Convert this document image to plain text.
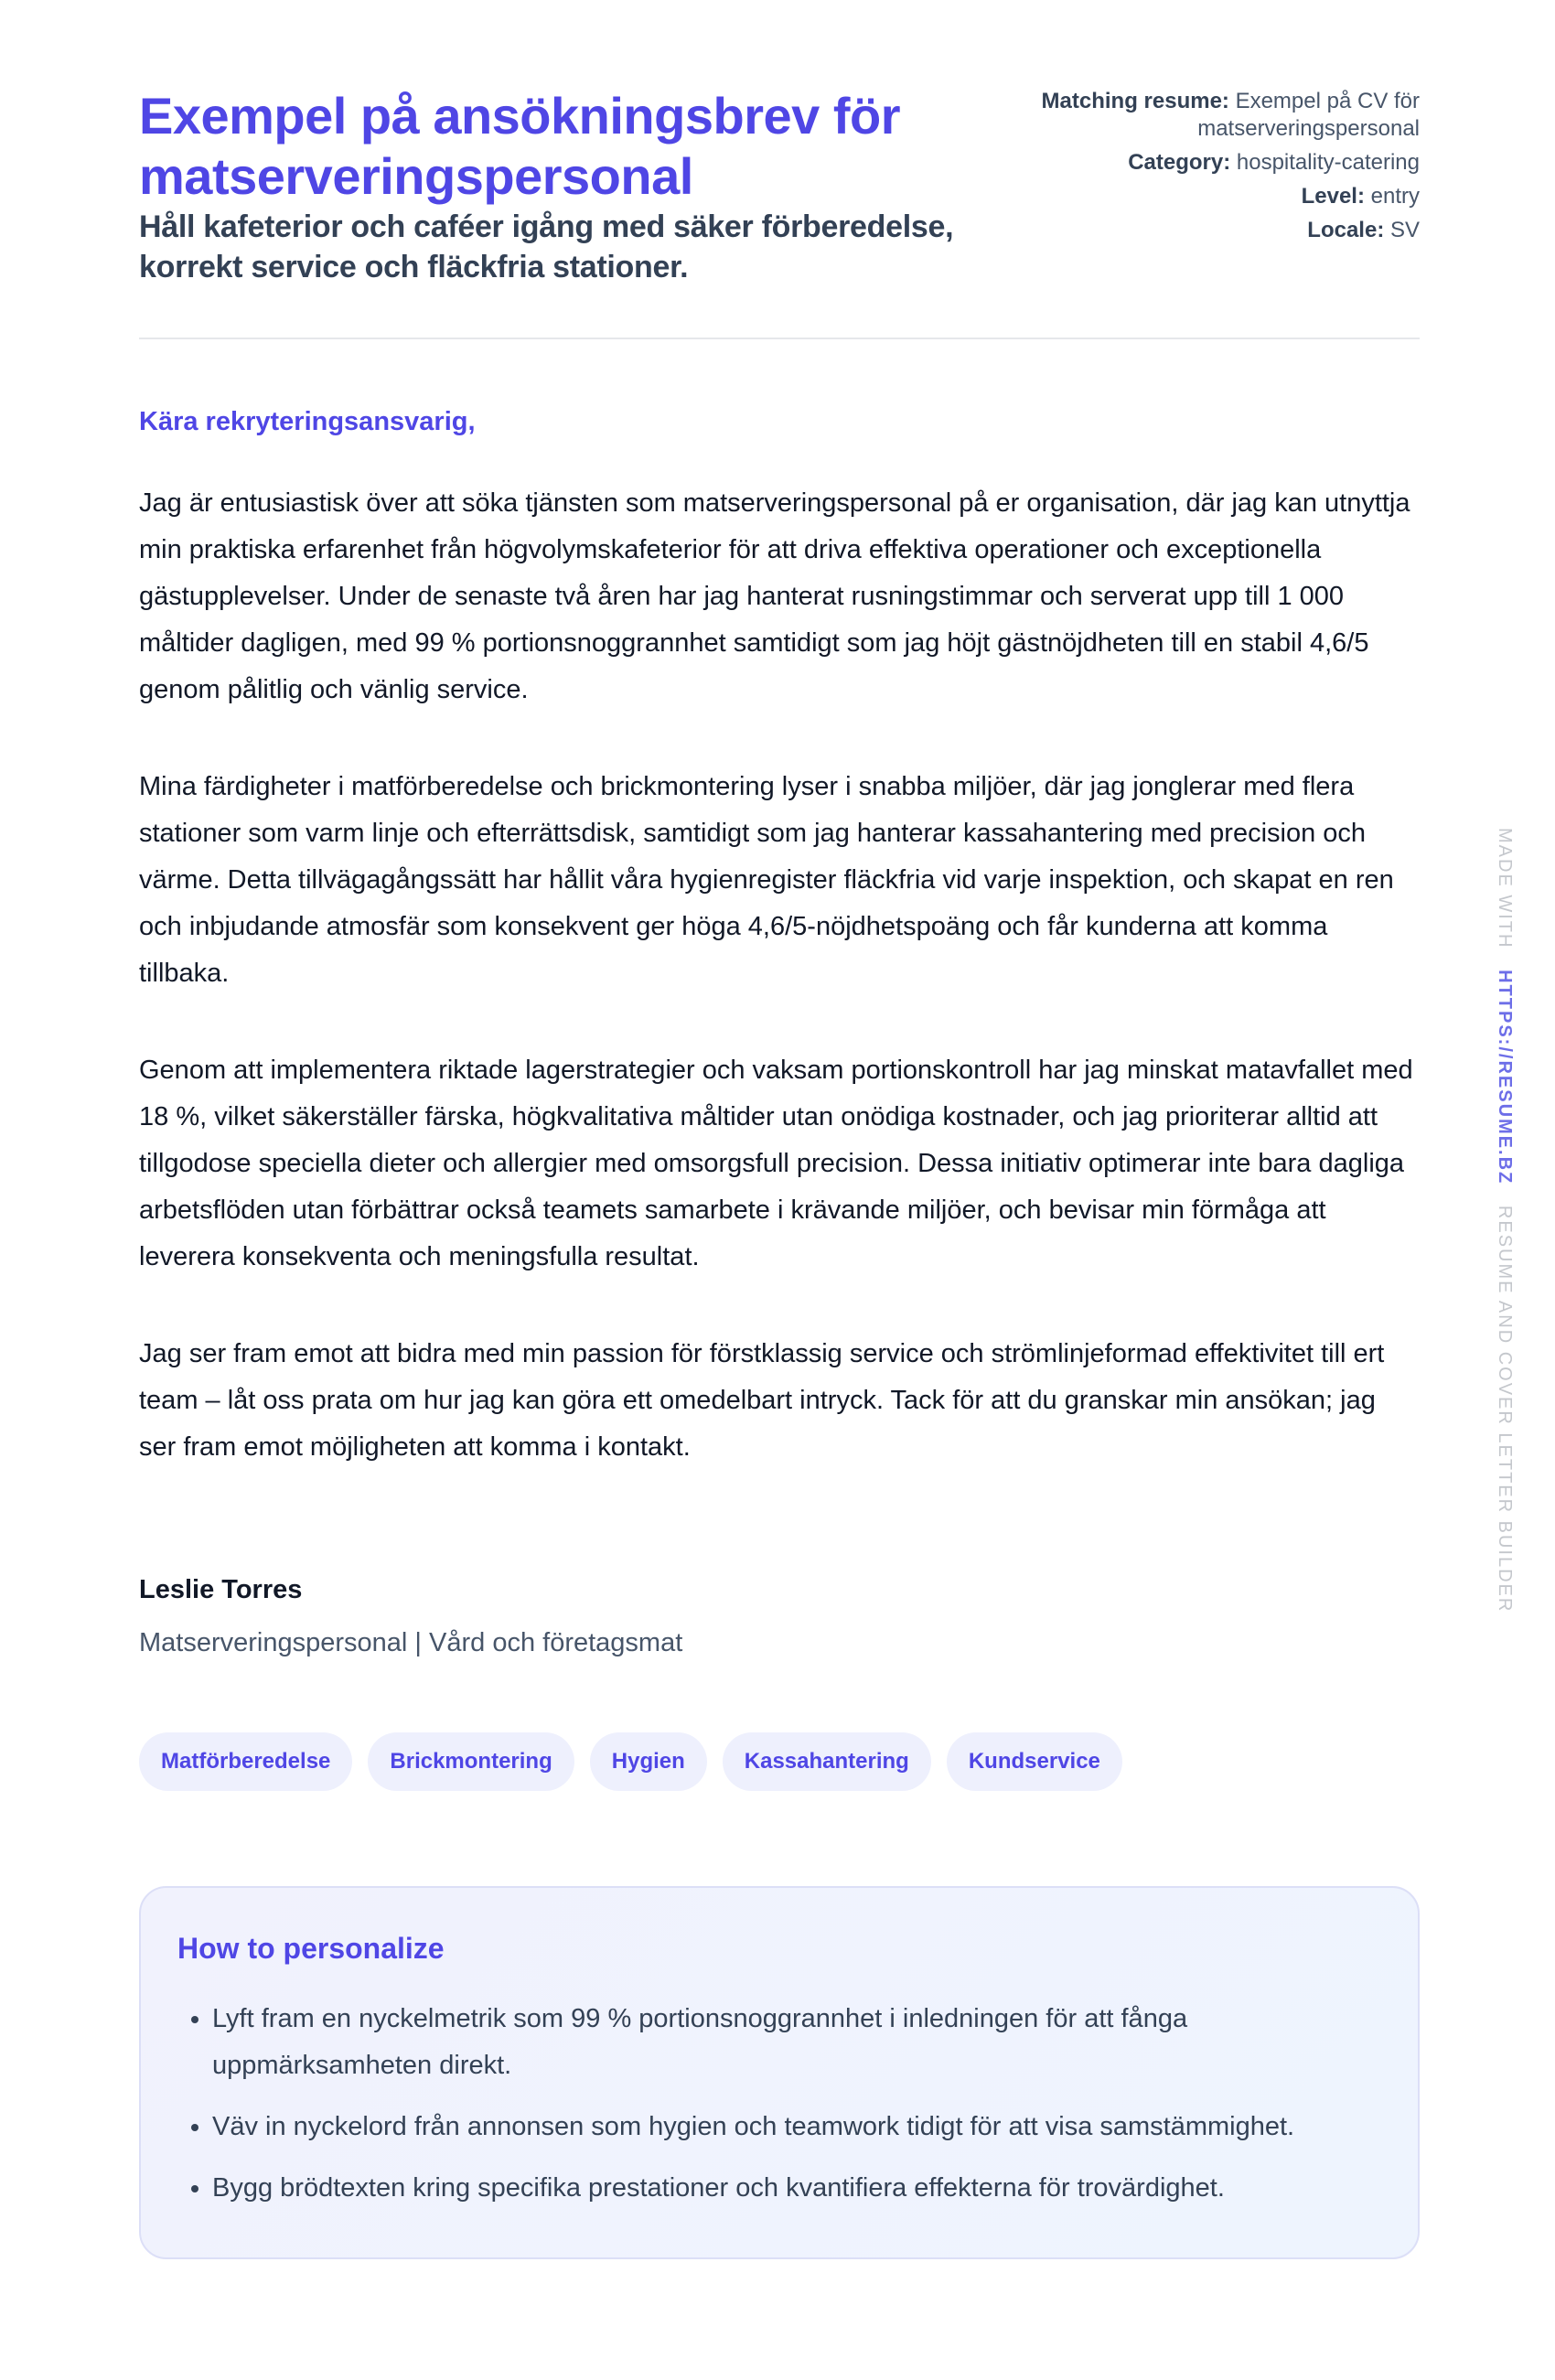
Exempel på ansökningsbrev för matserveringspersonal
Håll kafeterior och caféer igång med säker förberedelse, korrekt service och fläckfria stationer.
Matching resume: Exempel på CV för matserveringspersonal
Category: hospitality-catering
Level: entry
Locale: SV
Kära rekryteringsansvarig,

Jag är entusiastisk över att söka tjänsten som matserveringspersonal på er organisation, där jag kan utnyttja min praktiska erfarenhet från högvolymskafeterior för att driva effektiva operationer och exceptionella gästupplevelser. Under de senaste två åren har jag hanterat rusningstimmar och serverat upp till 1 000 måltider dagligen, med 99 % portionsnoggrannhet samtidigt som jag höjt gästnöjdheten till en stabil 4,6/5 genom pålitlig och vänlig service.

Mina färdigheter i matförberedelse och brickmontering lyser i snabba miljöer, där jag jonglerar med flera stationer som varm linje och efterrättsdisk, samtidigt som jag hanterar kassahantering med precision och värme. Detta tillvägagångssätt har hållit våra hygienregister fläckfria vid varje inspektion, och skapat en ren och inbjudande atmosfär som konsekvent ger höga 4,6/5-nöjdhetspoäng och får kunderna att komma tillbaka.

Genom att implementera riktade lagerstrategier och vaksam portionskontroll har jag minskat matavfallet med 18 %, vilket säkerställer färska, högkvalitativa måltider utan onödiga kostnader, och jag prioriterar alltid att tillgodose speciella dieter och allergier med omsorgsfull precision. Dessa initiativ optimerar inte bara dagliga arbetsflöden utan förbättrar också teamets samarbete i krävande miljöer, och bevisar min förmåga att leverera konsekventa och meningsfulla resultat.

Jag ser fram emot att bidra med min passion för förstklassig service och strömlinjeformad effektivitet till ert team – låt oss prata om hur jag kan göra ett omedelbart intryck. Tack för att du granskar min ansökan; jag ser fram emot möjligheten att komma i kontakt.

Leslie Torres
Matserveringspersonal | Vård och företagsmat
Matförberedelse	Brickmontering	Hygien	Kassahantering	Kundservice
How to personalize
• Lyft fram en nyckelmetrik som 99 % portionsnoggrannhet i inledningen för att fånga uppmärksamheten direkt.
• Väv in nyckelord från annonsen som hygien och teamwork tidigt för att visa samstämmighet.
• Bygg brödtexten kring specifika prestationer och kvantifiera effekterna för trovärdighet.
MADE WITH   HTTPS://RESUME.BZ   RESUME AND COVER LETTER BUILDER
